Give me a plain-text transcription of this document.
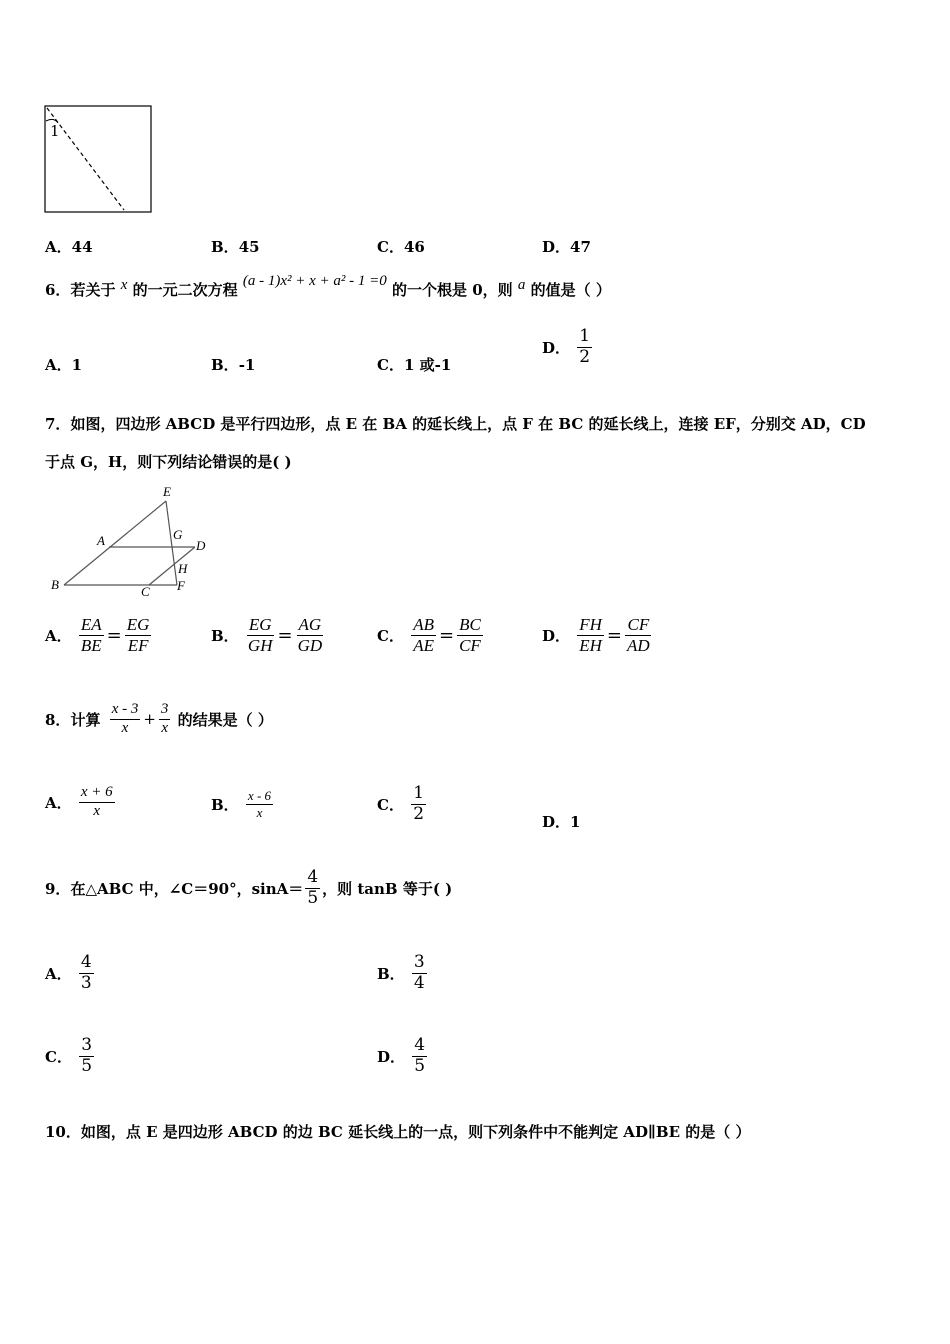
1
A．44	B．45	C．46	D．47
6．若关于 x 的一元二次方程 (a - 1)x² + x + a² - 1 =0 的一个根是 0，则 a 的值是（ ）
A．1	B．-1	C．1 或-1
D． $\frac{1}{2}$
7．如图，四边形 ABCD 是平行四边形，点 E 在 BA 的延长线上，点 F 在 BC 的延长线上，连接 EF，分别交 AD，CD
于点 G，H，则下列结论错误的是( )
E
A	G
D
H
B	C F
A． $\frac{EA}{BE} = \frac{EG}{EF}$	B． $\frac{EG}{GH} = \frac{AG}{GD}$	C． $\frac{AB}{AE} = \frac{BC}{CF}$	D． $\frac{FH}{EH} = \frac{CF}{AD}$
8．计算 $\frac{x - 3}{x} + \frac{3}{x}$ 的结果是（ ）
A． $\frac{x + 6}{x}$	B． $\frac{x - 6}{x}$	C． $\frac{1}{2}$	D．1
9．在△ABC 中，∠C＝90°，$\sin A= \frac{4}{5}$ ，则 tanB 等于( )
A． $\frac{4}{3}$	B． $\frac{3}{4}$
C． $\frac{3}{5}$	D． $\frac{4}{5}$
10．如图，点 E 是四边形 ABCD 的边 BC 延长线上的一点，则下列条件中不能判定 AD∥BE 的是（ ）
